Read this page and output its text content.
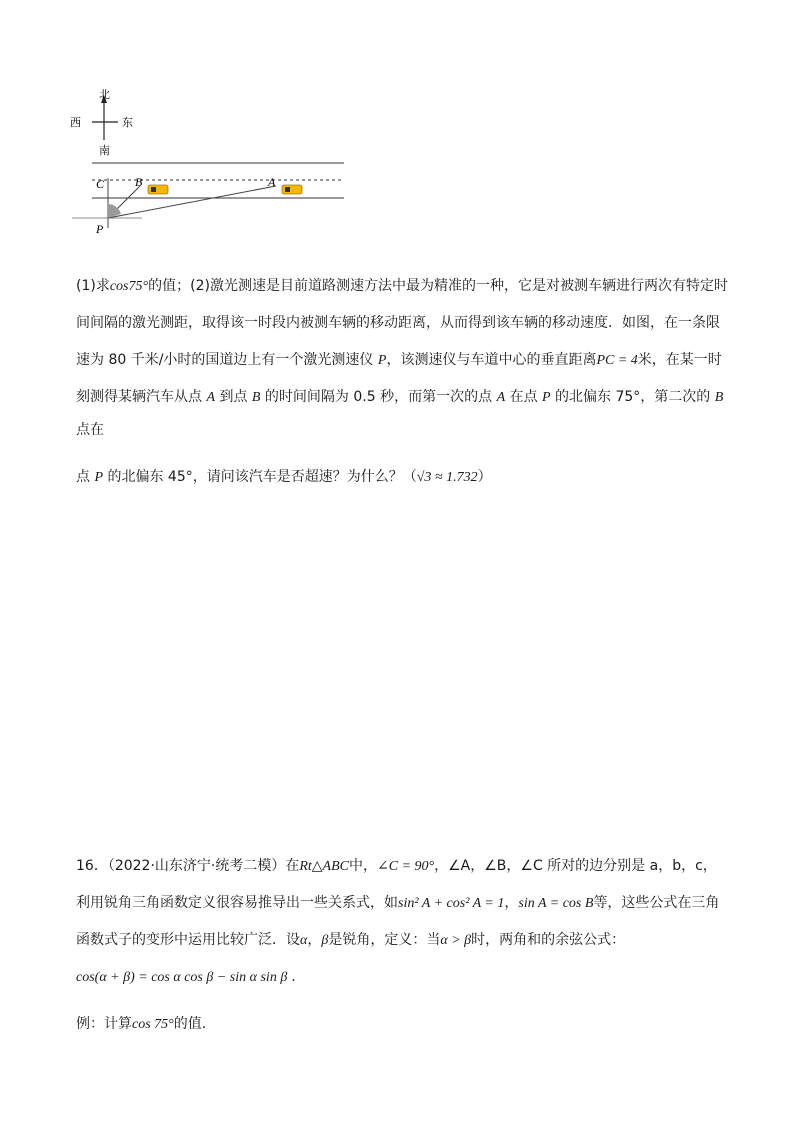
北
南
西	东
C	B	A
P
(1)求cos75°的值；(2)激光测速是目前道路测速方法中最为精准的一种，它是对被测车辆进行两次有特定时
间间隔的激光测距，取得该一时段内被测车辆的移动距离，从而得到该车辆的移动速度．如图，在一条限
速为 80 千米/小时的国道边上有一个激光测速仪 P，该测速仪与车道中心的垂直距离PC = 4米，在某一时
刻测得某辆汽车从点 A 到点 B 的时间间隔为 0.5 秒，而第一次的点 A 在点 P 的北偏东 75°，第二次的 B 点在
点 P 的北偏东 45°，请问该汽车是否超速？为什么？（√3 ≈ 1.732）
16．（2022·山东济宁·统考二模）在Rt△ABC中，∠C = 90°，∠A，∠B，∠C 所对的边分别是 a，b，c，
利用锐角三角函数定义很容易推导出一些关系式，如sin² A + cos² A = 1，sin A = cos B等，这些公式在三角
函数式子的变形中运用比较广泛．设α，β是锐角，定义：当α > β时，两角和的余弦公式：
cos(α + β) = cos α cos β − sin α sin β .
例：计算cos 75°的值．
